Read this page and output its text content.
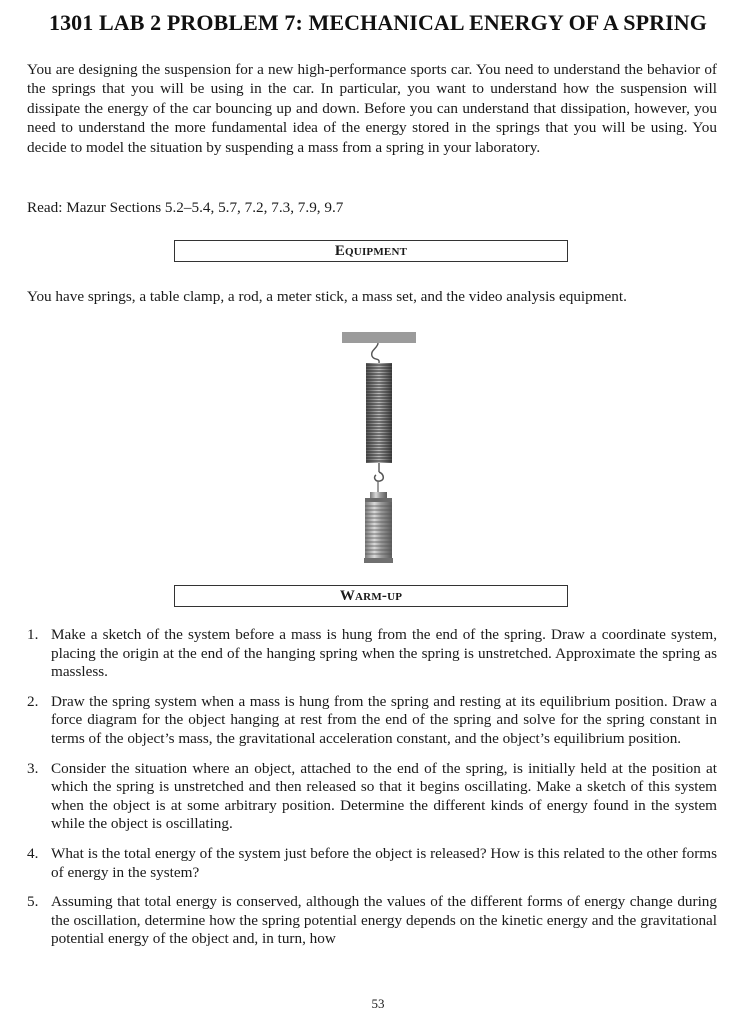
1301 LAB 2 PROBLEM 7: MECHANICAL ENERGY OF A SPRING

You are designing the suspension for a new high-performance sports car. You need to understand the behavior of the springs that you will be using in the car. In particular, you want to understand how the suspension will dissipate the energy of the car bouncing up and down. Before you can understand that dissipation, however, you need to understand the more fundamental idea of the energy stored in the springs that you will be using. You decide to model the situation by suspending a mass from a spring in your laboratory.

Read: Mazur Sections 5.2–5.4, 5.7, 7.2, 7.3, 7.9, 9.7

Equipment

You have springs, a table clamp, a rod, a meter stick, a mass set, and the video analysis equipment.

Warm-up
1. Make a sketch of the system before a mass is hung from the end of the spring. Draw a coordinate system, placing the origin at the end of the hanging spring when the spring is unstretched. Approximate the spring as massless.
2. Draw the spring system when a mass is hung from the spring and resting at its equilibrium position. Draw a force diagram for the object hanging at rest from the end of the spring and solve for the spring constant in terms of the object’s mass, the gravitational acceleration constant, and the object’s equilibrium position.
3. Consider the situation where an object, attached to the end of the spring, is initially held at the position at which the spring is unstretched and then released so that it begins oscillating. Make a sketch of this system when the object is at some arbitrary position. Determine the different kinds of energy found in the system while the object is oscillating.
4. What is the total energy of the system just before the object is released? How is this related to the other forms of energy in the system?
5. Assuming that total energy is conserved, although the values of the different forms of energy change during the oscillation, determine how the spring potential energy depends on the kinetic energy and the gravitational potential energy of the object and, in turn, how
53
